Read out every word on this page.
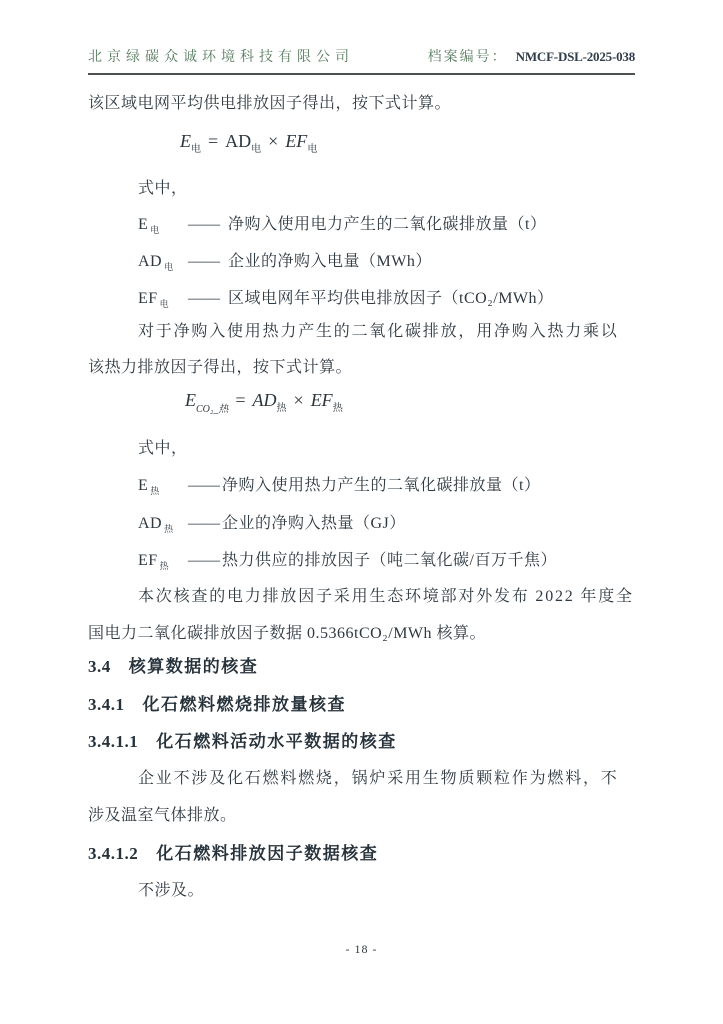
北京绿碳众诚环境科技有限公司	档案编号： NMCF-DSL-2025-038
该区域电网平均供电排放因子得出，按下式计算。
$E_电 = AD_电 \times EF_电$
式中，
E $_电$ —— 净购入使用电力产生的二氧化碳排放量（t）
AD $_电$ —— 企业的净购入电量（MWh）
EF $_电$ —— 区域电网年平均供电排放因子（tCO₂/MWh）
对于净购入使用热力产生的二氧化碳排放，用净购入热力乘以
该热力排放因子得出，按下式计算。
$E_{CO_2\_热} = AD_热 \times EF_热$
式中，
E $_热$ —— 净购入使用热力产生的二氧化碳排放量（t）
AD $_热$ —— 企业的净购入热量（GJ）
EF $_热$ —— 热力供应的排放因子（吨二氧化碳/百万千焦）
本次核查的电力排放因子采用生态环境部对外发布 2022 年度全
国电力二氧化碳排放因子数据 0.5366tCO₂/MWh 核算。
3.4 核算数据的核查
3.4.1 化石燃料燃烧排放量核查
3.4.1.1 化石燃料活动水平数据的核查
企业不涉及化石燃料燃烧，锅炉采用生物质颗粒作为燃料，不
涉及温室气体排放。
3.4.1.2 化石燃料排放因子数据核查
不涉及。
- 18 -
